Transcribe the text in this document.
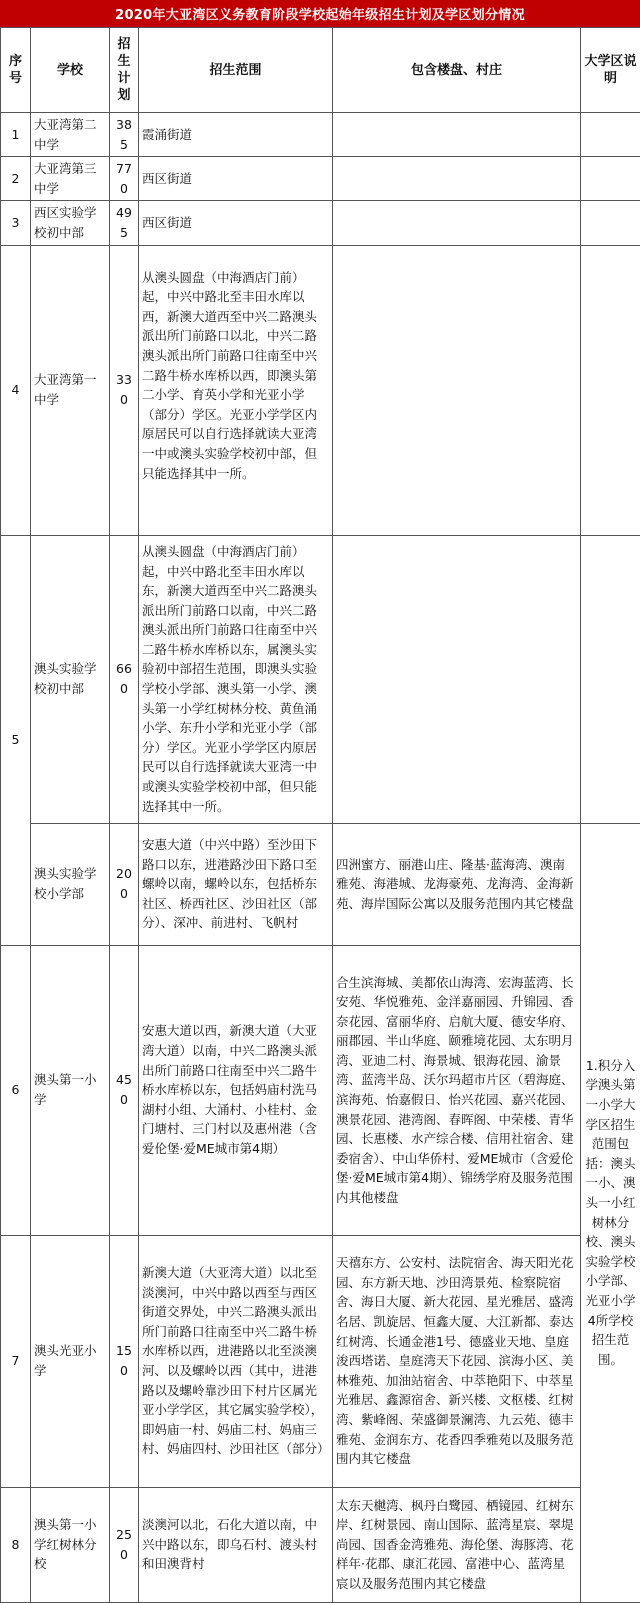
2020年大亚湾区义务教育阶段学校起始年级招生计划及学区划分情况
序号	学校	招生计划	招生范围	包含楼盘、村庄	大学区说明
1	大亚湾第二中学	385	霞涌街道		
2	大亚湾第三中学	770	西区街道		
3	西区实验学校初中部	495	西区街道		
4	大亚湾第一中学	330	从澳头圆盘（中海酒店门前）起，中兴中路北至丰田水库以西，新澳大道西至中兴二路澳头派出所门前路口以北，中兴二路澳头派出所门前路口往南至中兴二路牛桥水库桥以西，即澳头第二小学、育英小学和光亚小学（部分）学区。光亚小学学区内原居民可以自行选择就读大亚湾一中或澳头实验学校初中部，但只能选择其中一所。		
5	澳头实验学校初中部	660	从澳头圆盘（中海酒店门前）起，中兴中路北至丰田水库以东，新澳大道西至中兴二路澳头派出所门前路口以南，中兴二路澳头派出所门前路口往南至中兴二路牛桥水库桥以东，属澳头实验初中部招生范围，即澳头实验学校小学部、澳头第一小学、澳头第一小学红树林分校、黄鱼涌小学、东升小学和光亚小学（部分）学区。光亚小学学区内原居民可以自行选择就读大亚湾一中或澳头实验学校初中部，但只能选择其中一所。		
	澳头实验学校小学部	200	安惠大道（中兴中路）至沙田下路口以东，进港路沙田下路口至螺岭以南，螺岭以东，包括桥东社区、桥西社区、沙田社区（部分）、深冲、前进村、飞帆村	四洲蜜方、丽港山庄、隆基·蓝海湾、澳南雅苑、海港城、龙海豪苑、龙海湾、金海新苑、海岸国际公寓以及服务范围内其它楼盘	1.积分入学澳头第一小学大学区招生范围包括：澳头一小、澳头一小红树林分校、澳头实验学校小学部、光亚小学4所学校招生范围。
6	澳头第一小学	450	安惠大道以西，新澳大道（大亚湾大道）以南，中兴二路澳头派出所门前路口往南至中兴二路牛桥水库桥以东，包括妈庙村洗马湖村小组、大涌村、小桂村、金门塘村、三门村以及惠州港（含爱伦堡·爱ME城市第4期）	合生滨海城、美都依山海湾、宏海蓝湾、长安苑、华悦雅苑、金洋嘉丽园、升锦园、香奈花园、富丽华府、启航大厦、德安华府、丽郡园、半山华庭、颐雅境花园、太东明月湾、亚迪二村、海景城、银海花园、渝景湾、蓝湾半岛、沃尔玛超市片区（碧海庭、滨海苑、怡嘉假日、怡兴花园、嘉兴花园、澳景花园、港湾阁、春晖阁、中荣楼、青华园、长惠楼、水产综合楼、信用社宿舍、建委宿舍）、中山华侨村、爱ME城市（含爱伦堡·爱ME城市第4期）、锦绣学府及服务范围内其他楼盘	
7	澳头光亚小学	150	新澳大道（大亚湾大道）以北至淡澳河，中兴中路以西至与西区街道交界处，中兴二路澳头派出所门前路口往南至中兴二路牛桥水库桥以西，进港路以北至淡澳河、以及螺岭以西（其中，进港路以及螺岭靠沙田下村片区属光亚小学学区，其它属实验学校），即妈庙一村、妈庙二村、妈庙三村、妈庙四村、沙田社区（部分）	天禧东方、公安村、法院宿舍、海天阳光花园、东方新天地、沙田湾景苑、检察院宿舍、海日大厦、新大花园、星光雅居、盛湾名居、凯旋居、恒鑫大厦、大江新都、泰达红树湾、长通金港1号、德盛业天地、皇庭浚西塔诺、皇庭湾天下花园、滨海小区、美林雅苑、加油站宿舍、中萃艳阳下、中萃星光雅居、鑫源宿舍、新兴楼、文枢楼、红树湾、紫峰阁、荣盛御景澜湾、九云苑、德丰雅苑、金润东方、花香四季雅苑以及服务范围内其它楼盘	
8	澳头第一小学红树林分校	250	淡澳河以北，石化大道以南，中兴中路以东，即乌石村、渡头村和田澳背村	太东天樾湾、枫丹白鹭园、栖镜园、红树东岸、红树景园、南山国际、蓝湾星宸、翠堤尚园、国香金湾雅苑、海伦堡、海豚湾、花样年·花郡、康汇花园、富港中心、蓝湾星宸以及服务范围内其它楼盘	
